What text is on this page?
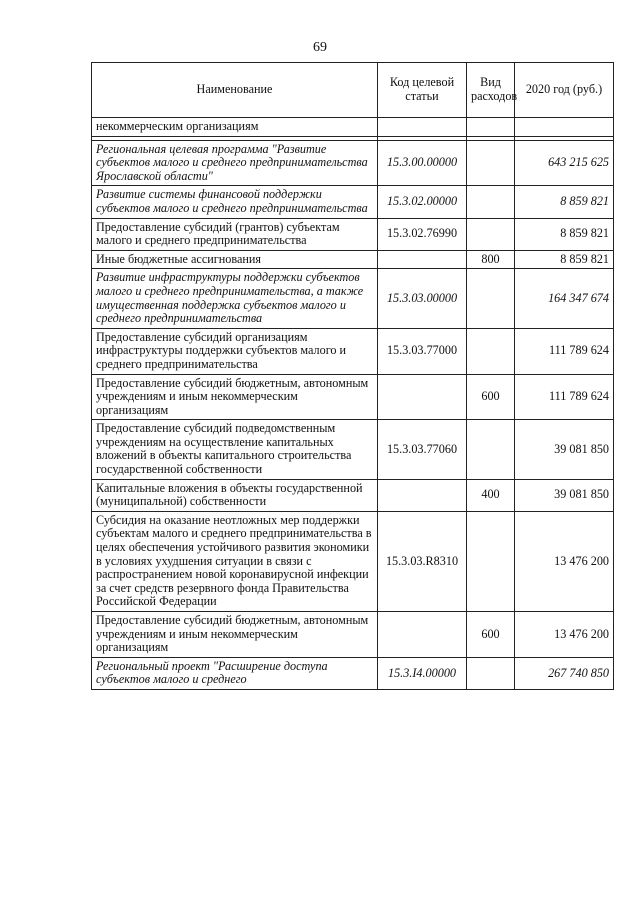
69
Наименование	Код целевой статьи	Вид расходов	2020 год (руб.)
некоммерческим организациям			

Региональная целевая программа "Развитие субъектов малого и среднего предпринимательства Ярославской области"	15.3.00.00000		643 215 625
Развитие системы финансовой поддержки субъектов малого и среднего предпринимательства	15.3.02.00000		8 859 821
Предоставление субсидий (грантов) субъектам малого и среднего предпринимательства	15.3.02.76990		8 859 821
Иные бюджетные ассигнования		800	8 859 821
Развитие инфраструктуры поддержки субъектов малого и среднего предпринимательства, а также имущественная поддержка субъектов малого и среднего предпринимательства	15.3.03.00000		164 347 674
Предоставление субсидий организациям инфраструктуры поддержки субъектов малого и среднего предпринимательства	15.3.03.77000		111 789 624
Предоставление субсидий бюджетным, автономным учреждениям и иным некоммерческим организациям		600	111 789 624
Предоставление субсидий подведомственным учреждениям на осуществление капитальных вложений в объекты капитального строительства государственной собственности	15.3.03.77060		39 081 850
Капитальные вложения в объекты государственной (муниципальной) собственности		400	39 081 850
Субсидия на оказание неотложных мер поддержки субъектам малого и среднего предпринимательства в целях обеспечения устойчивого развития экономики в условиях ухудшения ситуации в связи с распространением новой коронавирусной инфекции за счет средств резервного фонда Правительства Российской Федерации	15.3.03.R8310		13 476 200
Предоставление субсидий бюджетным, автономным учреждениям и иным некоммерческим организациям		600	13 476 200
Региональный проект "Расширение доступа субъектов малого и среднего	15.3.I4.00000		267 740 850
